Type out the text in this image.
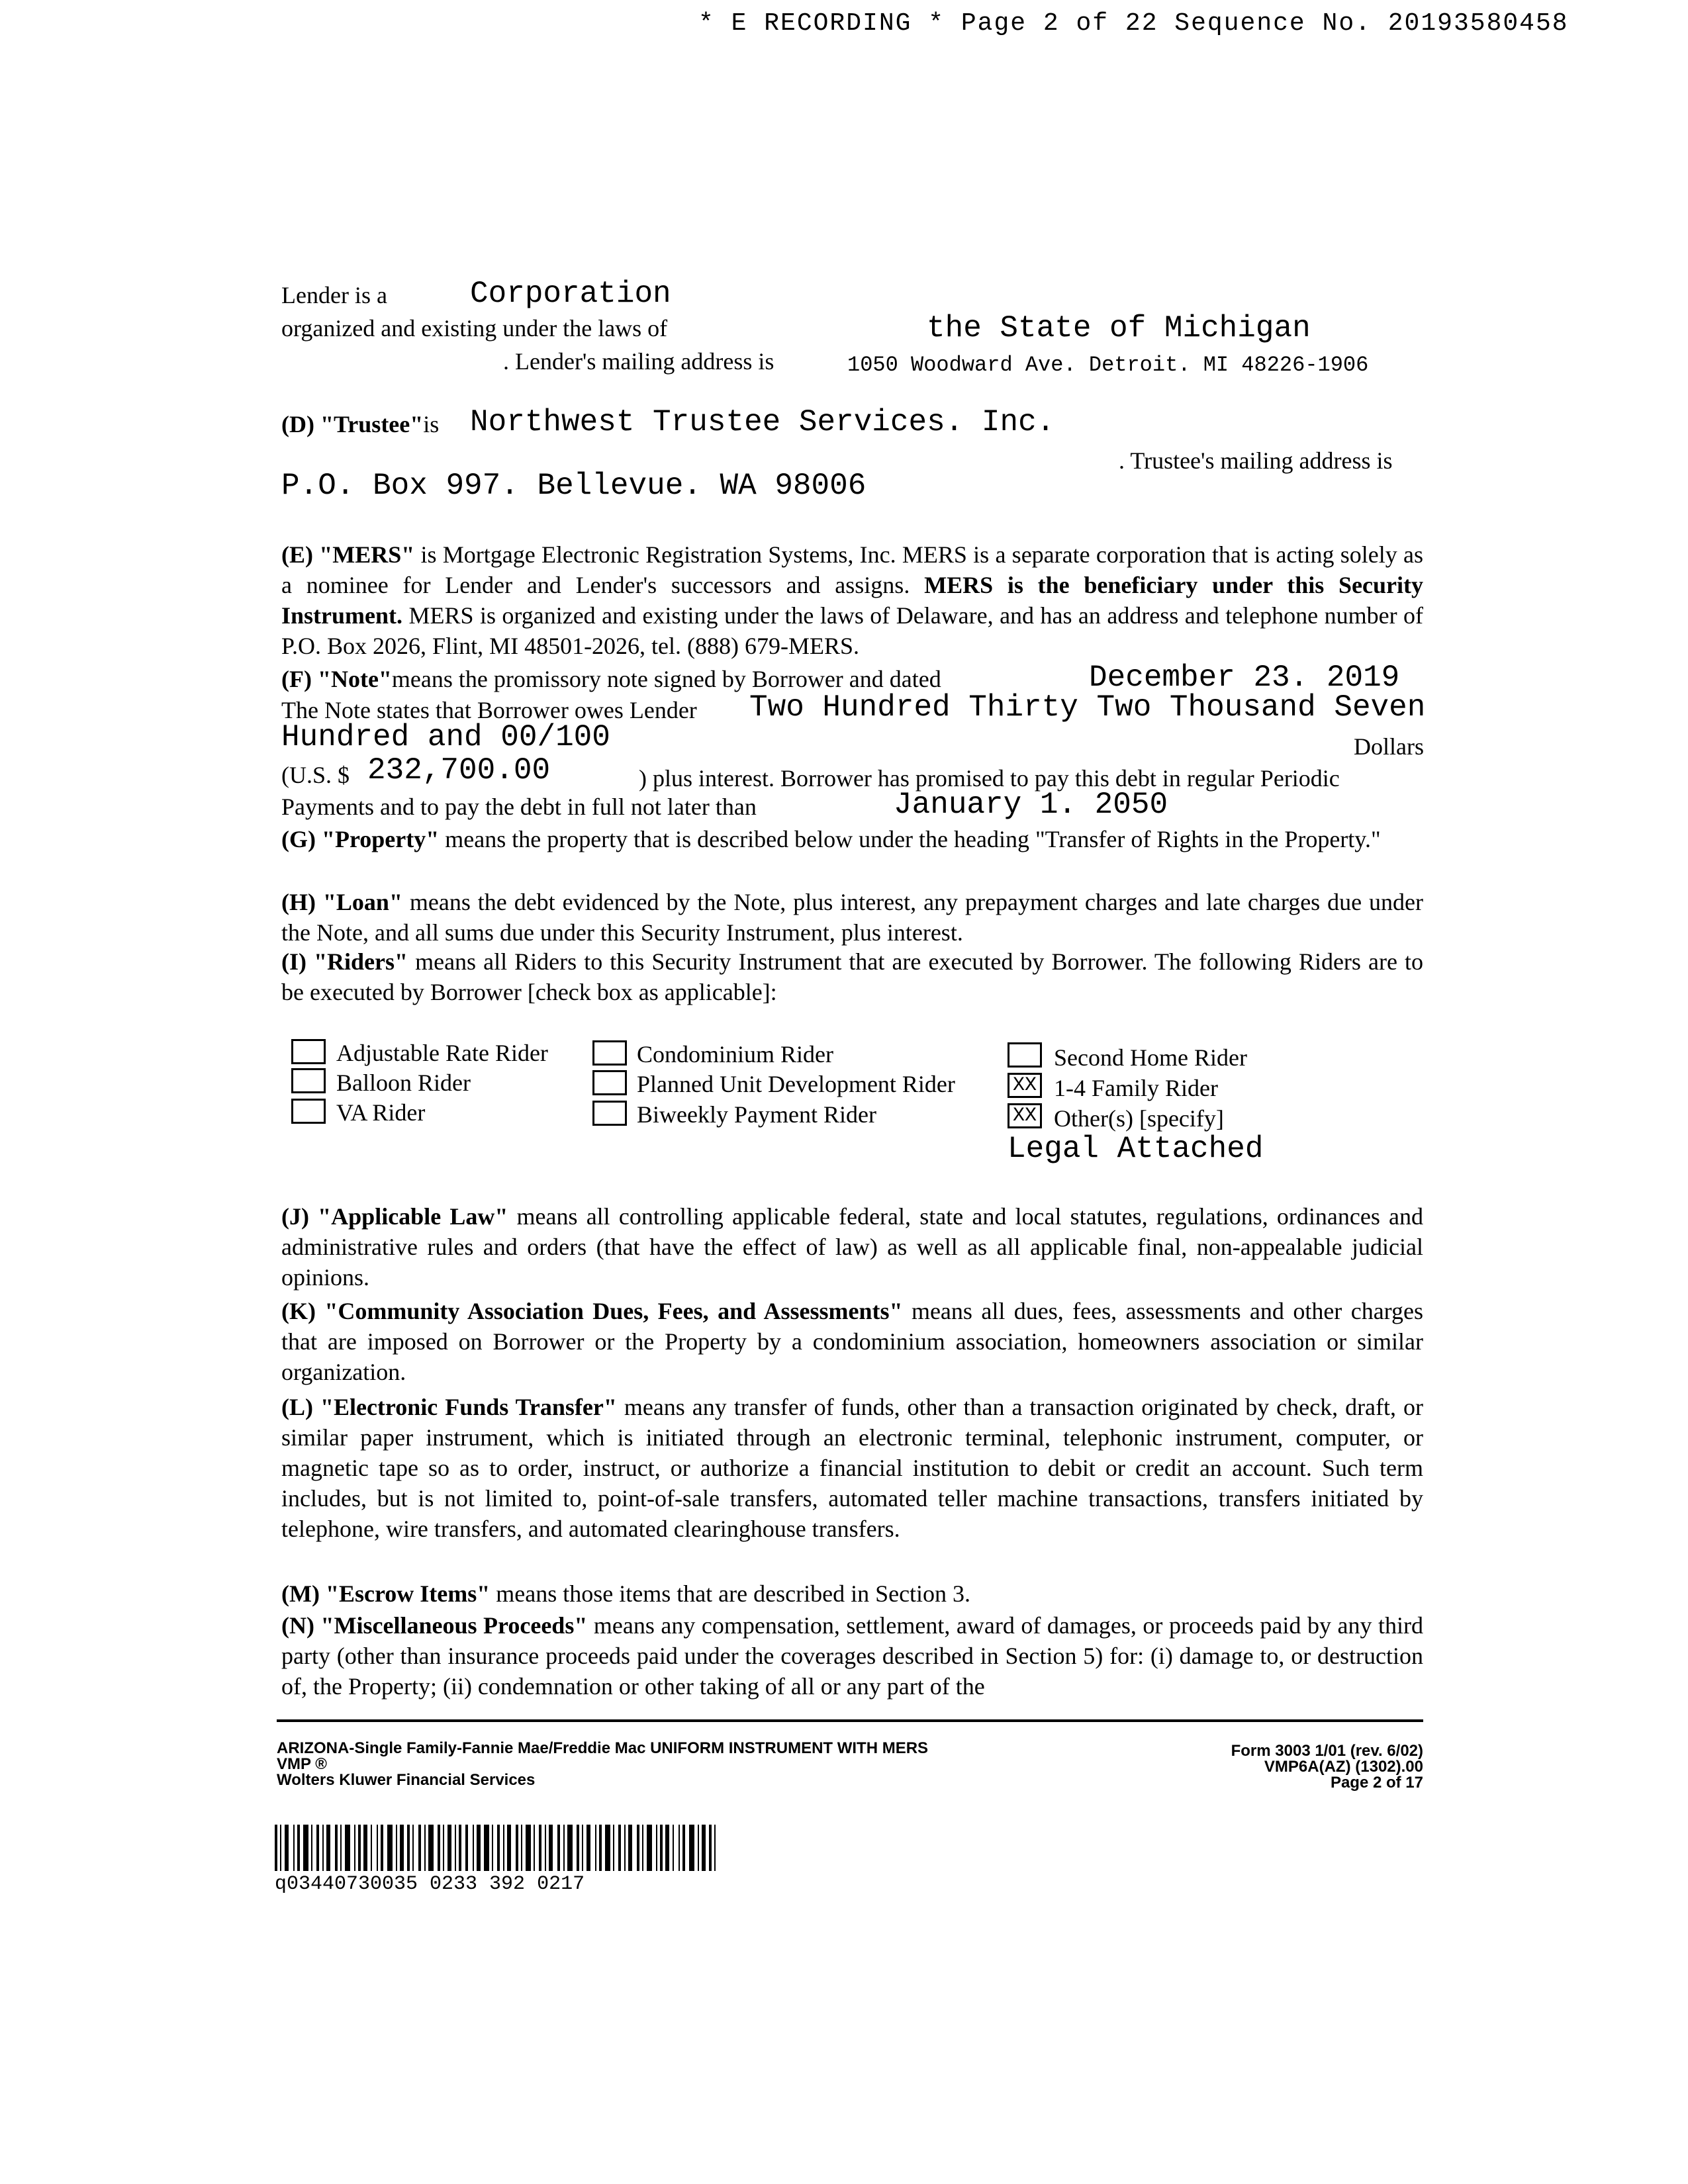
* E RECORDING * Page 2 of 22 Sequence No. 20193580458
Lender is a	Corporation
organized and existing under the laws of	the State of Michigan
. Lender's mailing address is	1050 Woodward Ave. Detroit. MI 48226-1906
(D) "Trustee"is Northwest Trustee Services. Inc.
. Trustee's mailing address is
P.O. Box 997. Bellevue. WA 98006
(E) "MERS" is Mortgage Electronic Registration Systems, Inc. MERS is a separate corporation that is acting solely as a nominee for Lender and Lender's successors and assigns. MERS is the beneficiary under this Security Instrument. MERS is organized and existing under the laws of Delaware, and has an address and telephone number of P.O. Box 2026, Flint, MI 48501-2026, tel. (888) 679-MERS.
(F) "Note"means the promissory note signed by Borrower and dated	December 23. 2019
The Note states that Borrower owes Lender Two Hundred Thirty Two Thousand Seven
Hundred and 00/100	Dollars
(U.S. $ 232,700.00	) plus interest. Borrower has promised to pay this debt in regular Periodic
Payments and to pay the debt in full not later than	January 1. 2050
(G) "Property" means the property that is described below under the heading "Transfer of Rights in the Property."
(H) "Loan" means the debt evidenced by the Note, plus interest, any prepayment charges and late charges due under the Note, and all sums due under this Security Instrument, plus interest.
(I) "Riders" means all Riders to this Security Instrument that are executed by Borrower. The following Riders are to be executed by Borrower [check box as applicable]:
Adjustable Rate Rider
Balloon Rider
VA Rider
Condominium Rider
Planned Unit Development Rider
Biweekly Payment Rider
Second Home Rider
XX 1-4 Family Rider
XX Other(s) [specify]
Legal Attached
(J) "Applicable Law" means all controlling applicable federal, state and local statutes, regulations, ordinances and administrative rules and orders (that have the effect of law) as well as all applicable final, non-appealable judicial opinions.
(K) "Community Association Dues, Fees, and Assessments" means all dues, fees, assessments and other charges that are imposed on Borrower or the Property by a condominium association, homeowners association or similar organization.
(L) "Electronic Funds Transfer" means any transfer of funds, other than a transaction originated by check, draft, or similar paper instrument, which is initiated through an electronic terminal, telephonic instrument, computer, or magnetic tape so as to order, instruct, or authorize a financial institution to debit or credit an account. Such term includes, but is not limited to, point-of-sale transfers, automated teller machine transactions, transfers initiated by telephone, wire transfers, and automated clearinghouse transfers.
(M) "Escrow Items" means those items that are described in Section 3.
(N) "Miscellaneous Proceeds" means any compensation, settlement, award of damages, or proceeds paid by any third party (other than insurance proceeds paid under the coverages described in Section 5) for: (i) damage to, or destruction of, the Property; (ii) condemnation or other taking of all or any part of the
ARIZONA-Single Family-Fannie Mae/Freddie Mac UNIFORM INSTRUMENT WITH MERS
VMP ®
Wolters Kluwer Financial Services
Form 3003 1/01 (rev. 6/02)
VMP6A(AZ) (1302).00
Page 2 of 17
q03440730035 0233 392 0217
